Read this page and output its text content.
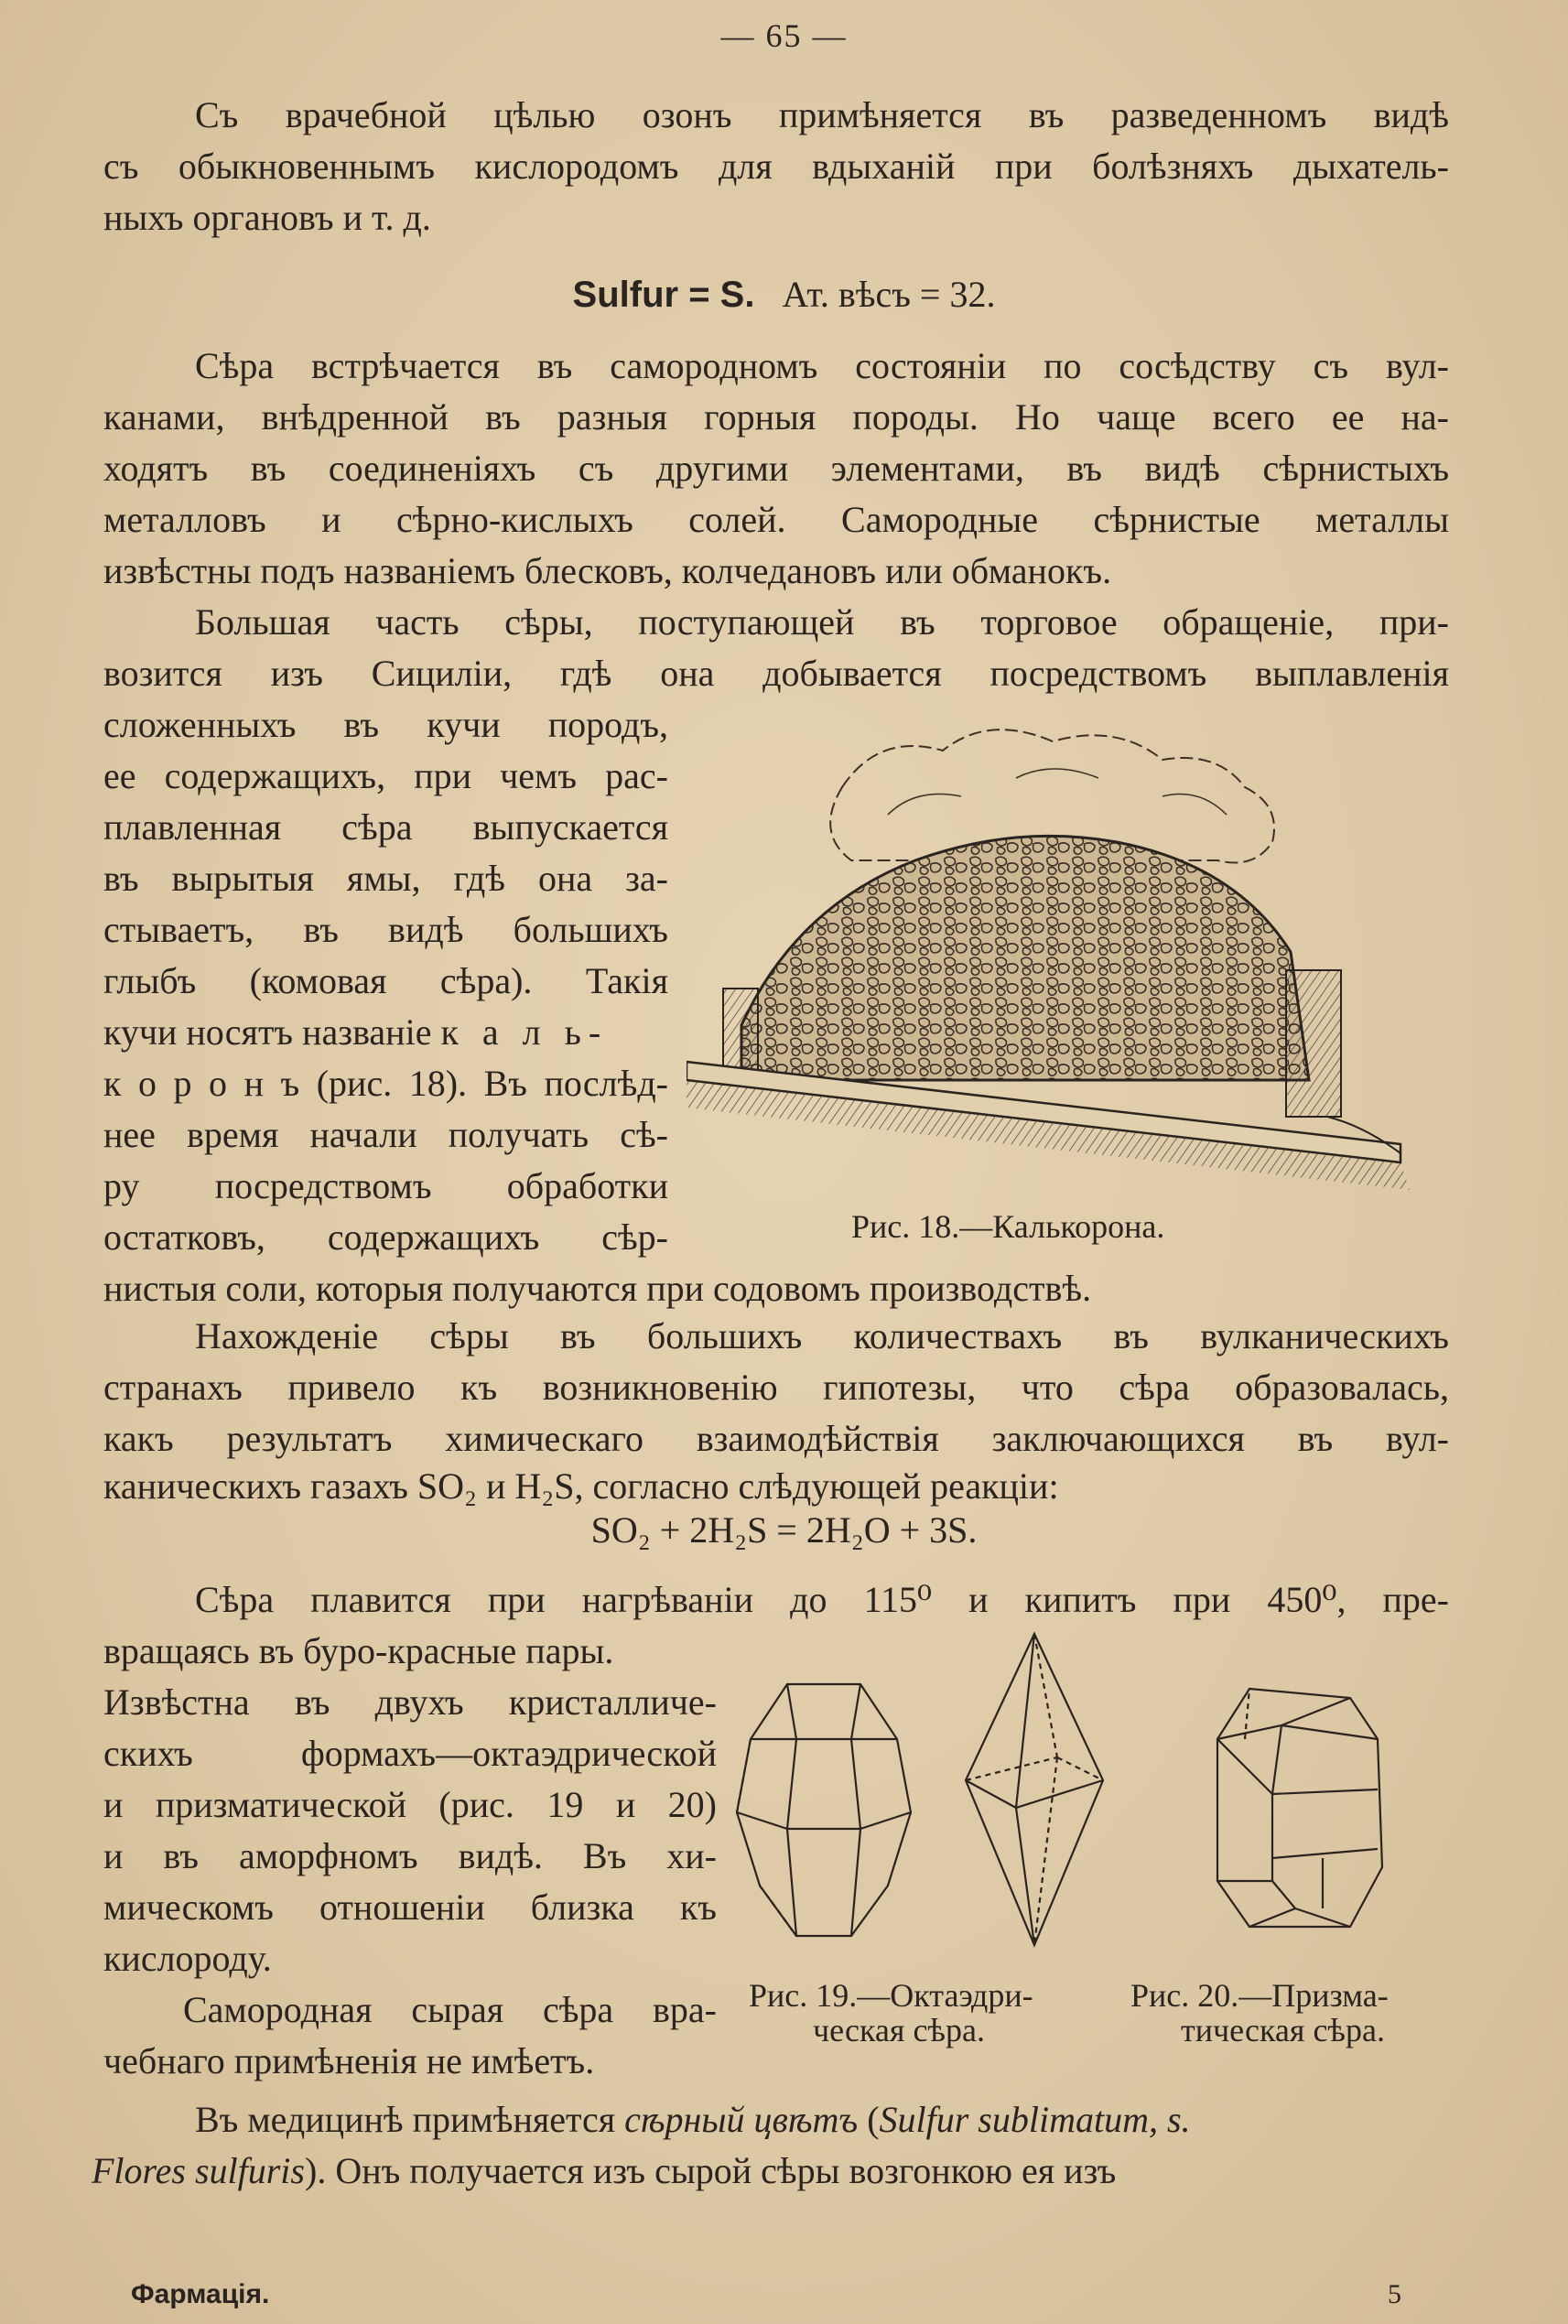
— 65 —
Съ врачебной цѣлью озонъ примѣняется въ разведенномъ видѣ
съ обыкновеннымъ кислородомъ для вдыханій при болѣзняхъ дыхатель-
ныхъ органовъ и т. д.
Sulfur = S. Ат. вѣсъ = 32.
Сѣра встрѣчается въ самородномъ состояніи по сосѣдству съ вул-
канами, внѣдренной въ разныя горныя породы. Но чаще всего ее на-
ходятъ въ соединеніяхъ съ другими элементами, въ видѣ сѣрнистыхъ
металловъ и сѣрно-кислыхъ солей. Самородные сѣрнистые металлы
извѣстны подъ названіемъ блесковъ, колчедановъ или обманокъ.
Большая часть сѣры, поступающей въ торговое обращеніе, при-
возится изъ Сициліи, гдѣ она добывается посредствомъ выплавленія
сложенныхъ въ кучи породъ,
ее содержащихъ, при чемъ рас-
плавленная сѣра выпускается
въ вырытыя ямы, гдѣ она за-
стываетъ, въ видѣ большихъ
глыбъ (комовая сѣра). Такія
кучи носятъ названіе к а л ь-
к о р о н ъ (рис. 18). Въ послѣд-
нее время начали получать сѣ-
ру посредствомъ обработки
остатковъ, содержащихъ сѣр-
нистыя соли, которыя получаются при содовомъ производствѣ.
Рис. 18.—Калькорона.
Нахожденіе сѣры въ большихъ количествахъ въ вулканическихъ
странахъ привело къ возникновенію гипотезы, что сѣра образовалась,
какъ результатъ химическаго взаимодѣйствія заключающихся въ вул-
каническихъ газахъ SO₂ и H₂S, согласно слѣдующей реакціи:
SO₂ + 2H₂S = 2H₂O + 3S.
Сѣра плавится при нагрѣваніи до 115⁰ и кипитъ при 450⁰, пре-
вращаясь въ буро-красные пары.
Извѣстна въ двухъ кристалличе-
скихъ формахъ—октаэдрической
и призматической (рис. 19 и 20)
и въ аморфномъ видѣ. Въ хи-
мическомъ отношеніи близка къ
кислороду.
Самородная сырая сѣра вра-
чебнаго примѣненія не имѣетъ.
Рис. 19.—Октаэдри-
ческая сѣра.
Рис. 20.—Призма-
тическая сѣра.
Въ медицинѣ примѣняется сѣрный цвѣтъ (Sulfur sublimatum, s.
Flores sulfuris). Онъ получается изъ сырой сѣры возгонкою ея изъ
Фармація.	5
